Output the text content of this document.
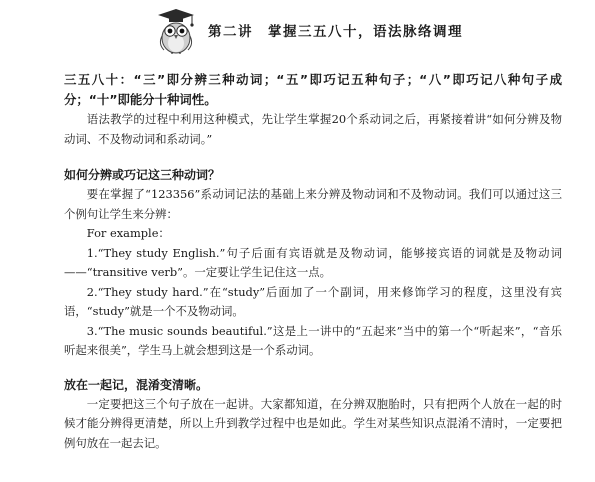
第二讲　掌握三五八十，语法脉络调理

三五八十：“三”即分辨三种动词；“五”即巧记五种句子；“八”即巧记八种句子成分；“十”即能分十种词性。

语法教学的过程中利用这种模式，先让学生掌握20个系动词之后，再紧接着讲“如何分辨及物动词、不及物动词和系动词。”

如何分辨或巧记这三种动词？

要在掌握了“123356”系动词记法的基础上来分辨及物动词和不及物动词。我们可以通过这三个例句让学生来分辨：

For example：

1.“They study English.”句子后面有宾语就是及物动词，能够接宾语的词就是及物动词——“transitive verb”。一定要让学生记住这一点。

2.“They study hard.”在“study”后面加了一个副词，用来修饰学习的程度，这里没有宾语，“study”就是一个不及物动词。

3.“The music sounds beautiful.”这是上一讲中的“五起来”当中的第一个“听起来”，“音乐听起来很美”，学生马上就会想到这是一个系动词。

放在一起记，混淆变清晰。

一定要把这三个句子放在一起讲。大家都知道，在分辨双胞胎时，只有把两个人放在一起的时候才能分辨得更清楚，所以上升到教学过程中也是如此。学生对某些知识点混淆不清时，一定要把例句放在一起去记。
